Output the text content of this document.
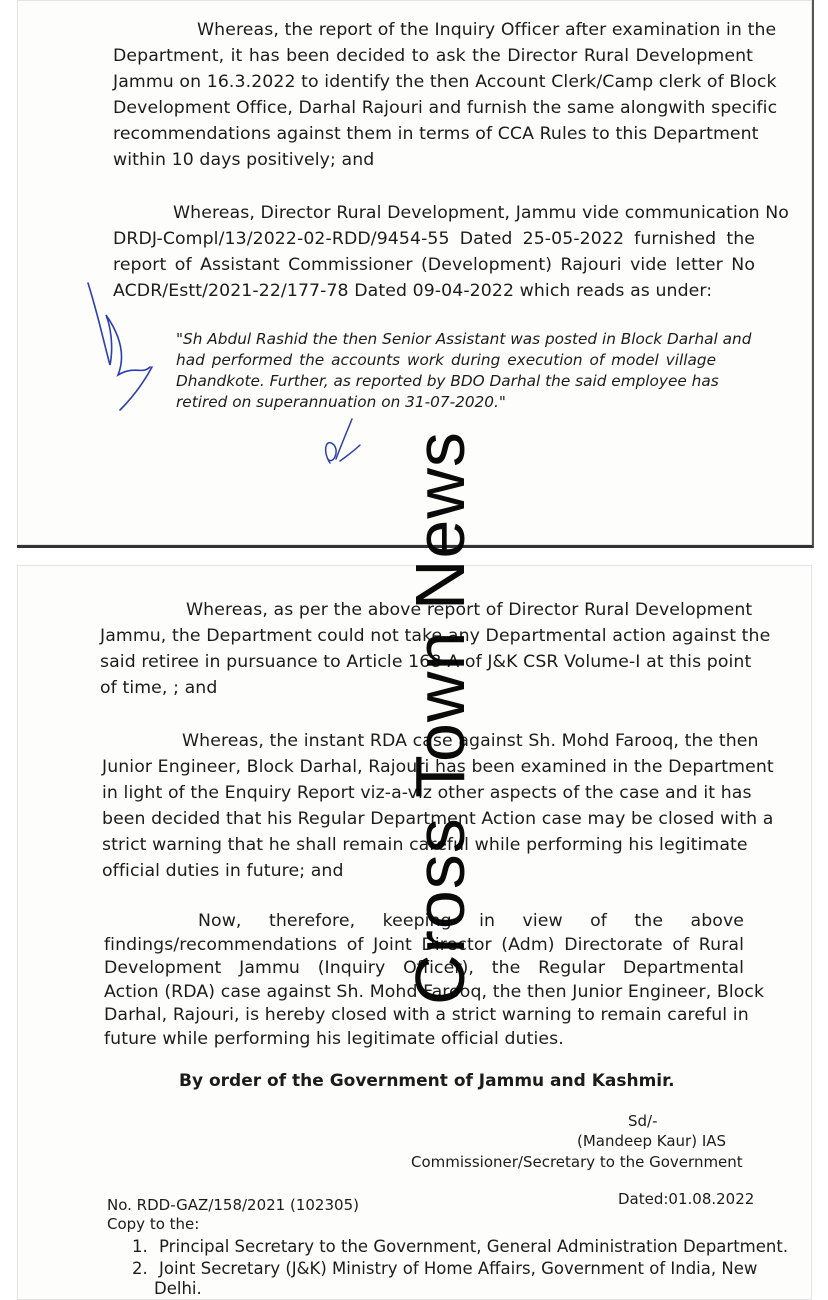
Whereas, the report of the Inquiry Officer after examination in the
Department, it has been decided to ask the Director Rural Development
Jammu on 16.3.2022 to identify the then Account Clerk/Camp clerk of Block
Development Office, Darhal Rajouri and furnish the same alongwith specific
recommendations against them in terms of CCA Rules to this Department
within 10 days positively; and
Whereas, Director Rural Development, Jammu vide communication No
DRDJ-Compl/13/2022-02-RDD/9454-55 Dated 25-05-2022 furnished the
report of Assistant Commissioner (Development) Rajouri vide letter No
ACDR/Estt/2021-22/177-78 Dated 09-04-2022 which reads as under:
"Sh Abdul Rashid the then Senior Assistant was posted in Block Darhal and
had performed the accounts work during execution of model village
Dhandkote. Further, as reported by BDO Darhal the said employee has
retired on superannuation on 31-07-2020."
Whereas, as per the above report of Director Rural Development
Jammu, the Department could not take any Departmental action against the
said retiree in pursuance to Article 168-A of J&K CSR Volume-I at this point
of time, ; and
Whereas, the instant RDA case against Sh. Mohd Farooq, the then
Junior Engineer, Block Darhal, Rajouri has been examined in the Department
in light of the Enquiry Report viz-a-viz other aspects of the case and it has
been decided that his Regular Department Action case may be closed with a
strict warning that he shall remain careful while performing his legitimate
official duties in future; and
Now, therefore, keeping in view of the above
findings/recommendations of Joint Director (Adm) Directorate of Rural
Development Jammu (Inquiry Officer), the Regular Departmental
Action (RDA) case against Sh. Mohd Farooq, the then Junior Engineer, Block
Darhal, Rajouri, is hereby closed with a strict warning to remain careful in
future while performing his legitimate official duties.
By order of the Government of Jammu and Kashmir.
Sd/-
(Mandeep Kaur) IAS
Commissioner/Secretary to the Government
No. RDD-GAZ/158/2021 (102305)	Dated:01.08.2022
Copy to the:
1. Principal Secretary to the Government, General Administration Department.
2. Joint Secretary (J&K) Ministry of Home Affairs, Government of India, New
Delhi.
Cross Town News
